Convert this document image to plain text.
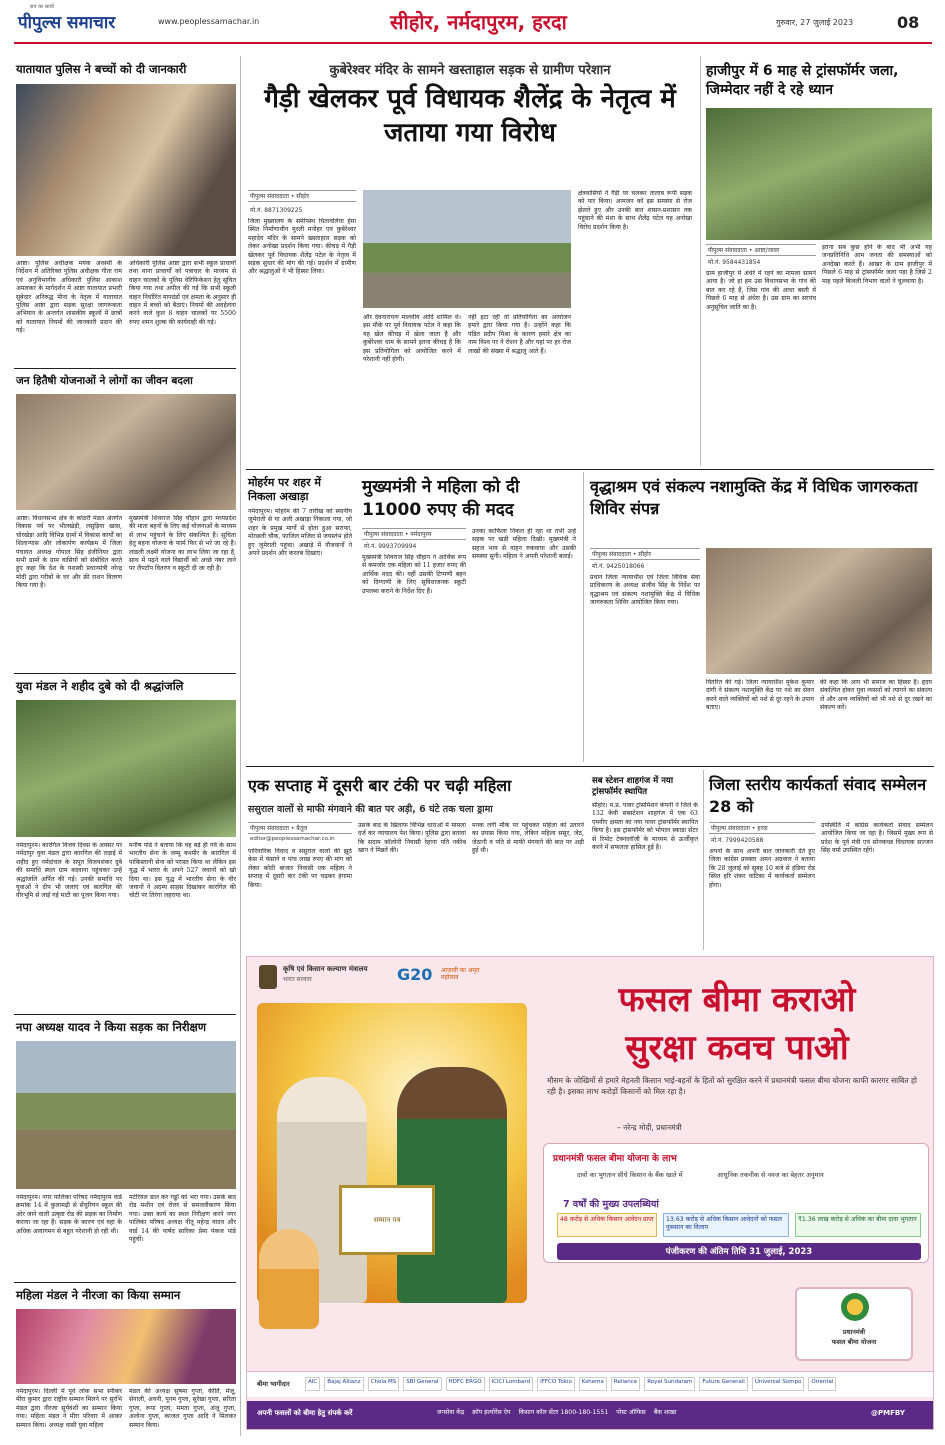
पीपुल्स समाचार
सच का साथी
www.peoplessamachar.in	सीहोर, नर्मदापुरम, हरदा	गुरुवार, 27 जुलाई 2023	08
यातायात पुलिस ने बच्चों को दी जानकारी
आष्टा। पुलिस अधीक्षक मयंक अवस्थी के निर्देशन में अतिरिक्त पुलिस अधीक्षक गीता राम एवं अनुविभागीय अधिकारी पुलिस आकाश अमलकर के मार्गदर्शन में आष्टा यातायात प्रभारी सुबेदार अनिरुद्ध मीना के नेतृत्व में यातायात पुलिस आष्टा द्वारा सड़क सुरक्षा जागरूकता अभियान के अन्तर्गत शासकीय स्कूलों में छात्रों को यातायात नियमों की जानकारी प्रदान की गई।
अधिकारी पुलिस आष्टा द्वारा सभी स्कूल प्राचार्यों तथा थाना प्राचार्यों को पत्राचार के माध्यम से वाहन चालकों के पुलिस वेरिफिकेशन हेतु सूचित किया गया तथा अपील की गई कि सभी स्कूली वाहन निर्धारित मापदंडों एवं क्षमता के अनुसार ही वाहन में बच्चों को बैठाएं। नियमों की अवहेलना करने वाले कुल 8 वाहन चालकों पर 5500 रुपए शमन शुल्क की कार्यवाही की गई।
जन हितैषी योजनाओं ने लोगों का जीवन बदला
आष्टा। विधानसभा क्षेत्र के कोठरी मंडल अंतर्गत विकास पर्व पर भीलखेड़ी, लसुड़िया खास, चोरखेड़ा आदि विभिन्न ग्रामों में विकास कार्यों का शिलान्यास और लोकार्पण कार्यक्रम में जिला पंचायत अध्यक्ष गोपाल सिंह इंजीनियर द्वारा सभी ग्रामों के ग्राम वासियों को संबोधित करते हुए कहा कि देश के यशस्वी प्रधानमंत्री नरेन्द्र मोदी द्वारा गरीबों के घर और फ्री राशन वितरण किया गया है।
मुख्यमंत्री शिवराज सिंह चौहान द्वारा मध्यप्रदेश की माता बहनों के लिए कई योजनाओं के माध्यम से लाभ पहुंचाने के लिए संकल्पित हैं। सुचिता हेतु बहना योजना के फार्म फिर से भरे जा रहे हैं। लाडली लक्ष्मी योजना का लाभ लिया जा रहा है, साथ में पढ़ने वाले विद्यार्थी को अच्छे नंबर लाने पर लैपटॉप वितरण व स्कूटी दी जा रही है।
युवा मंडल ने शहीद दुबे को दी श्रद्धांजलि
नर्मदापुरम। कारगिल विजय दिवस के अवसर पर नर्मदापुर युवा मंडल द्वारा कारगिल की लड़ाई में शहीद हुए नर्मदांचल के सपूत विजयशंकर दुबे की समाधि स्थल ग्राम बदवाना पहुंचकर उन्हें श्रद्धांजलि अर्पित की गई। उनकी समाधि पर युवाओं ने दीप भी जलाएं एवं कारगिल की वीरभूमि से लाई गई माटी का पूजन किया गया।
मनीष पांडे ने बताया कि वह बड़े ही गर्व के साथ भारतीय सेना के जम्मू कश्मीर के कारगिल में पाकिस्तानी सेना को परास्त किया था लेकिन इस युद्ध में भारत के अपने 527 जवानों को खो दिया था। इस युद्ध में भारतीय सेना के वीर जवानों ने अदम्य साहस दिखाकर कारगिल की चोटी पर तिरंगा लहराया था।
नपा अध्यक्ष यादव ने किया सड़क का निरीक्षण
नर्मदापुरम। नगर पालिका परिषद नर्मदापुरम वार्ड क्रमांक 14 में कुलामढ़ी से सेंचुरियन स्कूल की ओर जाने वाली उत्कृष्ट रोड की सड़क का निर्माण कराया जा रहा है। सड़क के कारण एवं वहां के अधिक आवागमन से बहुत परेशानी हो रही थी।
मटेरियल डाल कर गड्ढों को भरा गया। उसके बाद रोड मशीन एवं रोलर से समतलीकरण किया गया। उक्त कार्य का स्थल निरीक्षण करने नगर पालिका परिषद अध्यक्ष नीतू महेन्द्र यादव और वार्ड 14 की पार्षद सारिका प्रेमा पंकज पांडे पहुंचीं।
महिला मंडल ने नीरजा का किया सम्मान
नर्मदापुरम। दिल्ली में पूर्व लोक सभा स्पीकर मीरा कुमार द्वारा राष्ट्रीय सम्मान मिलने पर सुरभि मंडल द्वारा नीरजा सूर्यवंशी का सम्मान किया गया। महिला मंडल ने मीरा परिवार में आकर सम्मान किया। अध्यक्ष वासी युवा महिला
मंडल की अध्यक्ष सुषमा गुप्ता, कीर्ति, मंजू, सेनाली, अवनी, पूनम गुप्ता, सुरेखा गुप्ता, सरिता गुप्ता, रूपा गुप्ता, ममता गुप्ता, अंजू गुप्ता, अलोना गुप्ता, काजल गुप्ता आदि ने मिलकर सम्मान किया।
कुबेरेश्वर मंदिर के सामने खस्ताहाल सड़क से ग्रामीण परेशान
गैड़ी खेलकर पूर्व विधायक शैलेंद्र के नेतृत्व में जताया गया विरोध
पीपुल्स संवाददाता • सीहोर
मो.नं. 8871309225
जिला मुख्यालय के समीपस्थ चितावलिया हेमा स्थित निर्माणाधीन मुरली मनोहर एवं कुबेरेश्वर महादेव मंदिर के सामने खस्ताहाल सड़क को लेकर अनोखा प्रदर्शन किया गया। कीचड़ में गैड़ी खेलकर पूर्व विधायक शैलेंद्र पटेल के नेतृत्व में सड़क सुधार की मांग की गई। प्रदर्शन में ग्रामीण और श्रद्धालुओं ने भी हिस्सा लिया।
और देवनारायण मालवीय आदि शामिल थे। इस मौके पर पूर्व विधायक पटेल ने कहा कि यह खेल कीचड़ में खेला जाता है और कुबेरेश्वर धाम के सामने इतना कीचड़ है कि इस प्रतियोगिता को आयोजित करने में परेशानी नहीं होगी।
नहीं हटा रही तो प्रतियोगिता का आयोजन हमारे द्वारा किया गया है। उन्होंने कहा कि पंडित प्रदीप मिश्रा के कारण हमारे क्षेत्र का नाम विश्व पर ने रोशन है और यहां पर हर रोज लाखों की संख्या में श्रद्धालु आते हैं।
क्षेत्रवासियों ने गैड़ी पर चलकर तालाब रूपी सड़क को पार किया। आमजन को इस समस्या से रोज झेलते हुए और उनकी बात शासन-प्रशासन तक पहुंचाने की मंशा के साथ शैलेंद्र पटेल यह अनोखा विरोध प्रदर्शन किया है।
हाजीपुर में 6 माह से ट्रांसफॉर्मर जला, जिम्मेदार नहीं दे रहे ध्यान
पीपुल्स संवाददाता • आष्टा/जावर
मो.नं. 9584431854
ग्राम हाजीपुर में अंधेरे में रहने का मामला सामने आया है। जो हां हम उस विधानसभा के गांव की बात कर रहे हैं, जिस गांव की आधा बस्ती में पिछले 6 माह से अंधेरा है। उस ग्राम का सरपंच अनुसूचित जाति का है।
इतना सब कुछ होने के बाद भी अभी यह जनप्रतिनिधि आम जनता की समस्याओं को अनदेखा करते हैं। आखर के ग्राम हाजीपुर में पिछले 6 माह से ट्रांसफॉर्मर जला पड़ा है जिसे 2 माह पहले बिजली विभाग वालों ने चुलवाया है।
मोहर्रम पर शहर में निकला अखाड़ा
नर्मदापुरम। मोहर्रम की 7 तारीख को स्थानीय जुमेराती से या अली अखाड़ा निकाला गया, जो शहर के प्रमुख मार्गों से होता हुआ सराफा, मोरछली चौक, फाजिल मजिल से जयस्तंभ होते हुए जुमेराती पहुंचा। अखाड़े में नौजवानों ने अपने प्रदर्शन और करतब दिखाए।
मुख्यमंत्री ने महिला को दी 11000 रुपए की मदद
पीपुल्स संवाददाता • नर्मदापुरम
मो.नं. 9993709994
मुख्यमंत्री शिवराज सिंह चौहान ने आर्थिक रूप से कमजोर एक महिला को 11 हजार रुपए की आर्थिक मदद की। वहीं उसकी टिप्पणी बहन को दिग्गाणी के लिए सुविधाजनक स्कूटी उपलब्ध कराने के निर्देश दिए हैं।
उनका काफिला निकल ही रहा था तभी उन्हें सड़क पर खड़ी महिला दिखी। मुख्यमंत्री ने सहज भाव से वाहन रुकवाया और उसकी समस्या सुनी। महिला ने अपनी परेशानी बताई।
वृद्धाश्रम एवं संकल्प नशामुक्ति केंद्र में विधिक जागरुकता शिविर संपन्न
पीपुल्स संवाददाता • सीहोर
मो.नं. 9425018066
प्रधान जिला न्यायाधीश एवं जिला विधिक सेवा प्राधिकरण के अध्यक्ष संजीव सिंह के निर्देश पर वृद्धाश्रम एवं संकल्प नशामुक्ति केंद्र में विधिक जागरुकता शिविर आयोजित किया गया।
वितरित की गई। जिला न्यायाधीश मुकेश कुमार दांगी ने संकल्प नशामुक्ति केंद्र पर नशे का सेवन करने वाले व्यक्तियों को नशे से दूर रहने के उपाय बताए।
की कहा कि आप भी समाज का हिस्सा हैं। हृदय संकल्पित होकर युवा व्यसनों को त्यागने का संकल्प लें और अन्य व्यक्तियों को भी नशे से दूर रखने का संकल्प करें।
एक सप्ताह में दूसरी बार टंकी पर चढ़ी महिला
ससुराल वालों से माफी मंगवाने की बात पर अड़ी, 6 घंटे तक चला ड्रामा
पीपुल्स संवाददाता • बैतूल
editor@peoplessamachar.co.in
पारिवारिक विवाद व ससुराल वालों की झूठे केस में फंसाने व पांच लाख रुपए की मांग को लेकर कोठी बाजार निवासी एक महिला ने सप्ताह में दूसरी बार टंकी पर चढ़कर हंगामा किया।
उसके बाद के खिलाफ विभिन्न धाराओं में मामला दर्ज कर न्यायालय पेश किया। पुलिस द्वारा बताया कि सदाम कॉलोनी निवासी रेहाना पति नकीब खान ने मिन्नतें की।
मनक लगी मौके पर पहुंचकर महिला को उतारने का प्रयास किया गया, लेकिन महिला ससुर, जेठ, जेठानी व पति से माफी मंगवाने की बात पर अड़ी हुई थी।
सब स्टेशन शाहगंज में नया ट्रांसफॉर्मर स्थापित
सीहोर। म.प्र. पावर ट्रांसमिशन कंपनी ने जिले के 132 केवी सबस्टेशन शाहगंज में एक 63 एमवीए क्षमता का नया पावर ट्रांसफॉर्मर स्थापित किया है। इस ट्रांसफॉर्मर को भोपाल स्काडा सेंटर से रिमोट टेक्नालॉजी के माध्यम से ऊर्जीकृत करने में सफलता हासिल हुई है।
जिला स्तरीय कार्यकर्ता संवाद सम्मेलन 28 को
पीपुल्स संवाददाता • हरदा
मो.नं. 7999420588
अपनों के साथ अपनी बात जानकारी देते हुए जिला कांग्रेस प्रवक्ता अमन अग्रवाल ने बताया कि 28 जुलाई को सुबह 10 बजे से हंडिया रोड स्थित हरि शंकर वाटिका में कार्यकर्ता सम्मेलन होगा।
उपस्थिति में कांग्रेस कार्यकर्ता संवाद सम्मेलन आयोजित किया जा रहा है। जिसमें मुख्य रूप से प्रदेश के पूर्व मंत्री एवं सोनकच्छ विधायक सज्जन सिंह वर्मा उपस्थित रहेंगे।
कृषि एवं किसान कल्याण मंत्रालय
भारत सरकार	G20 आज़ादी का अमृत महोत्सव
फसल बीमा कराओ
सुरक्षा कवच पाओ
सम्मान पत्र
मौसम के जोखिमों से हमारे मेहनती किसान भाई-बहनों के हितों को सुरक्षित करने में प्रधानमंत्री फसल बीमा योजना काफी कारगर साबित हो रही है। इसका लाभ करोड़ों किसानों को मिल रहा है।
– नरेन्द्र मोदी, प्रधानमंत्री
प्रधानमंत्री फसल बीमा योजना के लाभ
दावों का भुगतान सीधे किसान के बैंक खाते में	आधुनिक तकनीक से नवज का बेहतर अनुमान
7 वर्षों की मुख्य उपलब्धियां
48 करोड़ से अधिक किसान आवेदन प्राप्त	13.63 करोड़ से अधिक किसान आवेदनों को फसल नुकसान का विलाप
₹1.36 लाख करोड़ से अधिक का बीमा दावा भुगतान
पंजीकरण की अंतिम तिथि 31 जुलाई, 2023
प्रधानमंत्री
फसल बीमा योजना
बीमा भागीदार	AIC	Bajaj Allianz	Chola MS	SBI General	HDFC ERGO	ICICI Lombard	IFFCO Tokio	Kshema	Reliance	Royal Sundaram	Future Generali	Universal Sompo	Oriental
अपनी फसलों को बीमा हेतु संपर्क करें	जनसेवा केंद्र क्रॉप इंश्योरेंस ऐप किसान कॉल सेंटर 1800-180-1551 पोस्ट ऑफिस बैंक शाखा	@PMFBY
